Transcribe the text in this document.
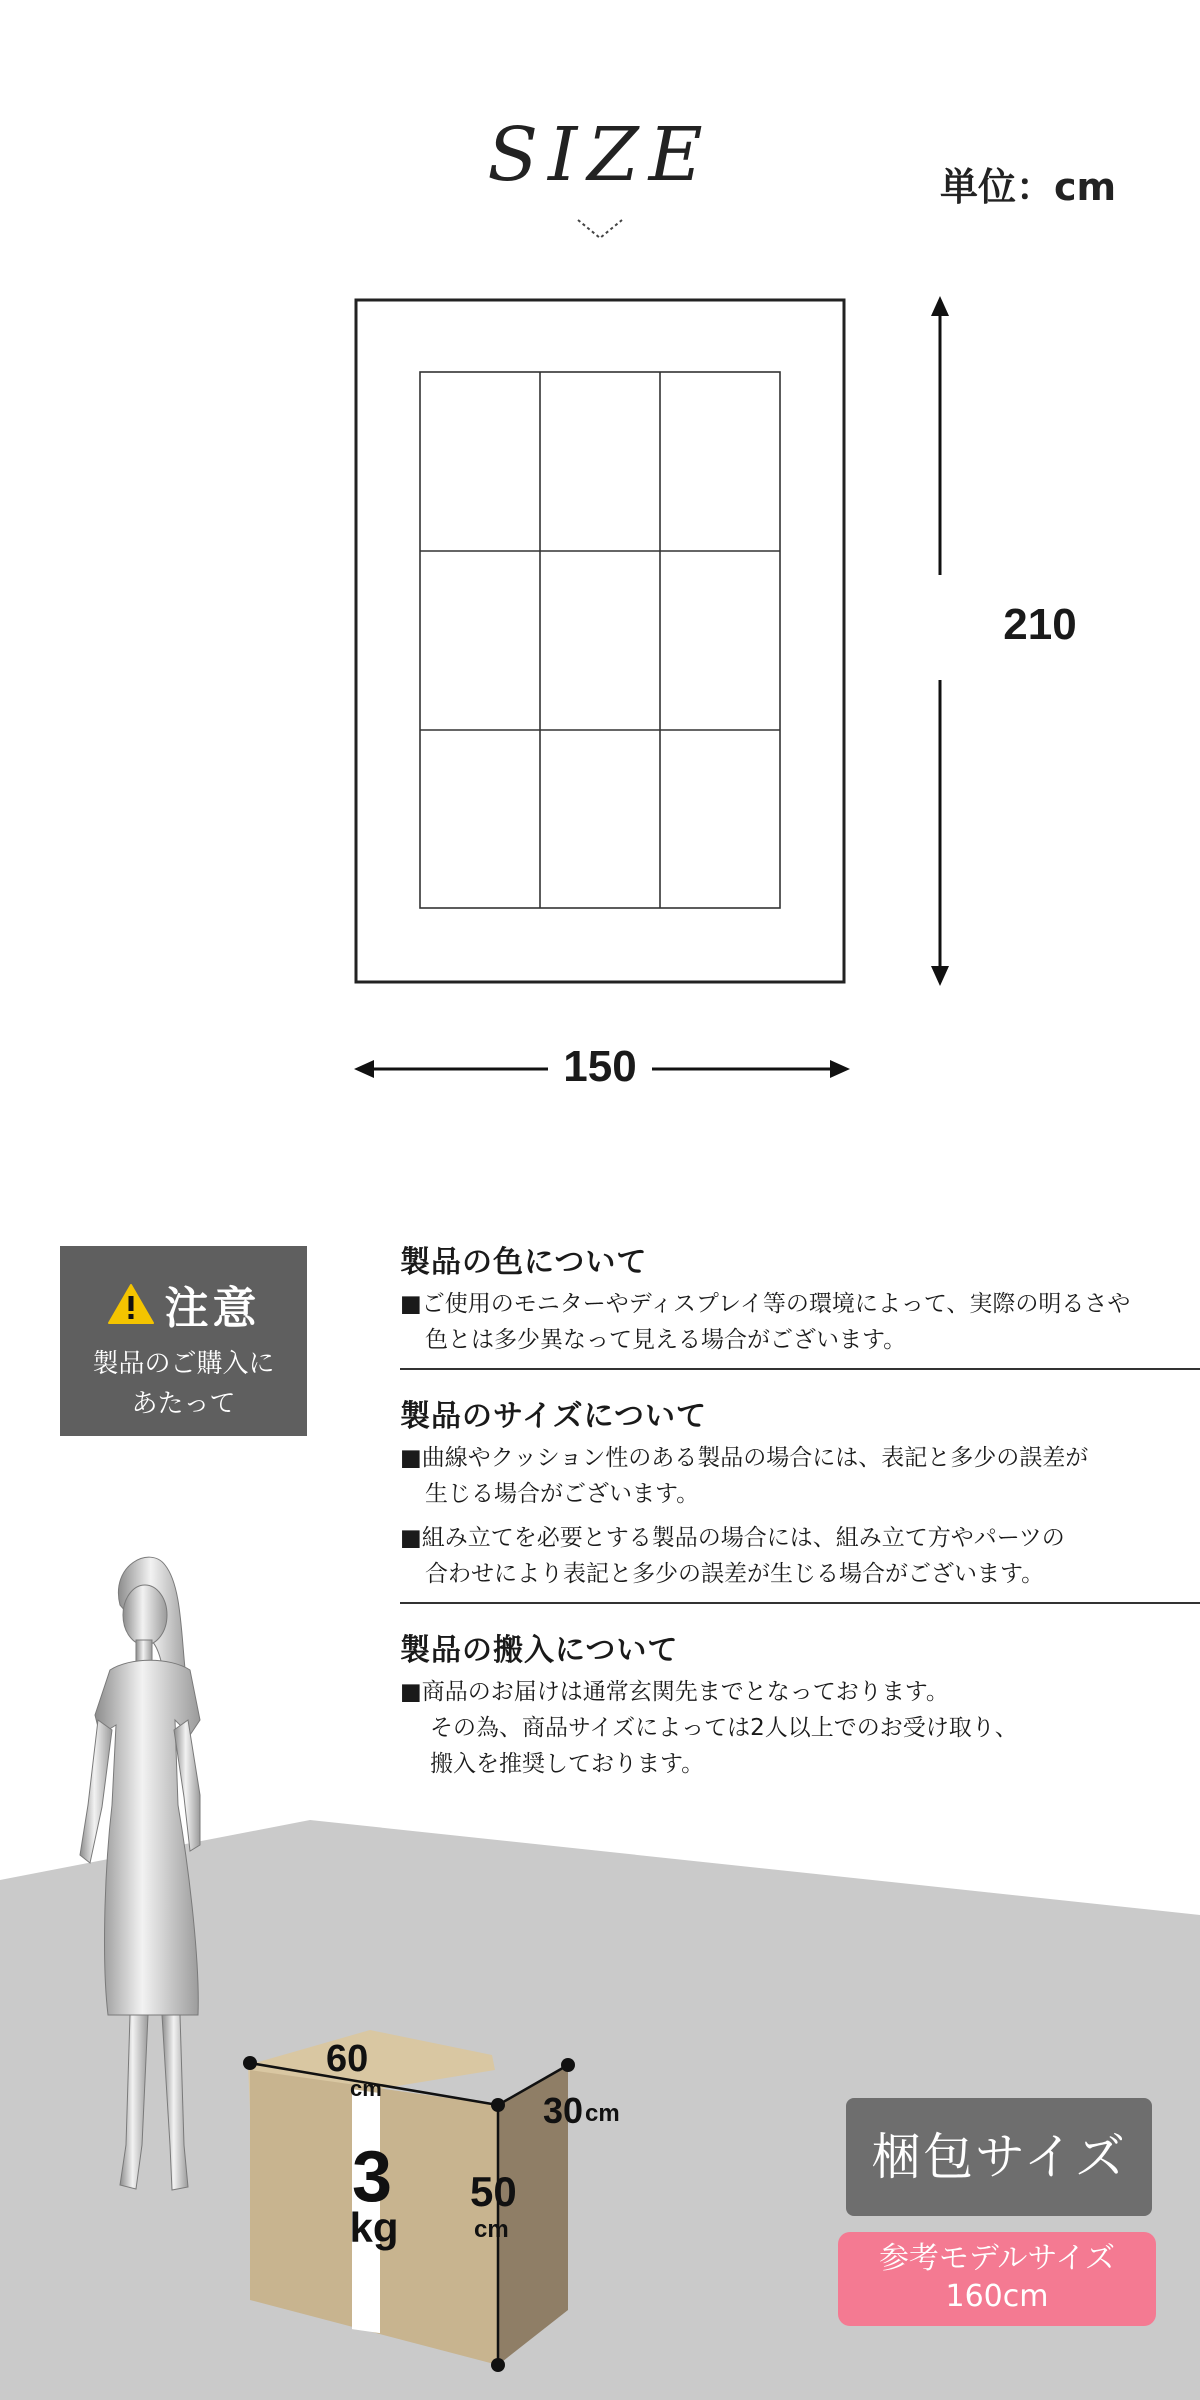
SIZE	単位：cm
210
150
注意
製品のご購入に
あたって
製品の色について
■ご使用のモニターやディスプレイ等の環境によって、実際の明るさや
色とは多少異なって見える場合がございます。
製品のサイズについて
■曲線やクッション性のある製品の場合には、表記と多少の誤差が
生じる場合がございます。
■組み立てを必要とする製品の場合には、組み立て方やパーツの
合わせにより表記と多少の誤差が生じる場合がございます。
製品の搬入について
■商品のお届けは通常玄関先までとなっております。
その為、商品サイズによっては2人以上でのお受け取り、
搬入を推奨しております。
60
cm
30 cm
50
cm
3
kg
梱包サイズ
参考モデルサイズ
160cm
